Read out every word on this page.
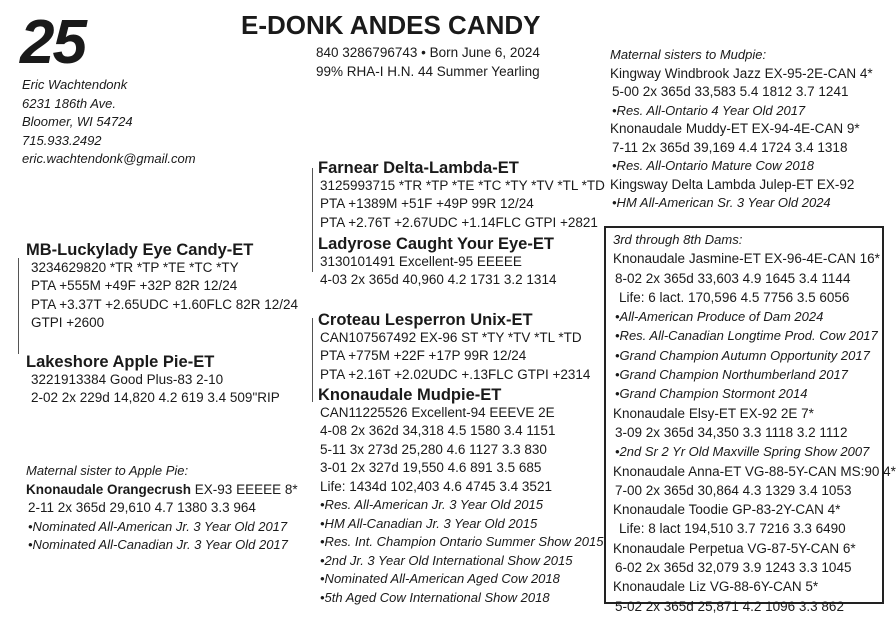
25	E-DONK ANDES CANDY
840 3286796743 • Born June 6, 2024
99% RHA-I H.N. 44 Summer Yearling
Eric Wachtendonk
6231 186th Ave.
Bloomer, WI 54724
715.933.2492
eric.wachtendonk@gmail.com
MB-Luckylady Eye Candy-ET
3234629820 *TR *TP *TE *TC *TY
PTA +555M +49F +32P 82R 12/24
PTA +3.37T +2.65UDC +1.60FLC 82R 12/24
GTPI +2600
Lakeshore Apple Pie-ET
3221913384 Good Plus-83 2-10
2-02 2x 229d 14,820 4.2 619 3.4 509"RIP
Farnear Delta-Lambda-ET
3125993715 *TR *TP *TE *TC *TY *TV *TL *TD
PTA +1389M +51F +49P 99R 12/24
PTA +2.76T +2.67UDC +1.14FLC GTPI +2821
Ladyrose Caught Your Eye-ET
3130101491 Excellent-95 EEEEE
4-03 2x 365d 40,960 4.2 1731 3.2 1314
Croteau Lesperron Unix-ET
CAN107567492 EX-96 ST *TY *TV *TL *TD
PTA +775M +22F +17P 99R 12/24
PTA +2.16T +2.02UDC +.13FLC GTPI +2314
Knonaudale Mudpie-ET
CAN11225526 Excellent-94 EEEVE 2E
4-08 2x 362d 34,318 4.5 1580 3.4 1151
5-11 3x 273d 25,280 4.6 1127 3.3 830
3-01 2x 327d 19,550 4.6 891 3.5 685
Life: 1434d 102,403 4.6 4745 3.4 3521
•Res. All-American Jr. 3 Year Old 2015
•HM All-Canadian Jr. 3 Year Old 2015
•Res. Int. Champion Ontario Summer Show 2015
•2nd Jr. 3 Year Old International Show 2015
•Nominated All-American Aged Cow 2018
•5th Aged Cow International Show 2018
Maternal sister to Apple Pie:
Knonaudale Orangecrush EX-93 EEEEE 8*
2-11 2x 365d 29,610 4.7 1380 3.3 964
•Nominated All-American Jr. 3 Year Old 2017
•Nominated All-Canadian Jr. 3 Year Old 2017
Maternal sisters to Mudpie:
Kingway Windbrook Jazz EX-95-2E-CAN 4*
5-00 2x 365d 33,583 5.4 1812 3.7 1241
•Res. All-Ontario 4 Year Old 2017
Knonaudale Muddy-ET EX-94-4E-CAN 9*
7-11 2x 365d 39,169 4.4 1724 3.4 1318
•Res. All-Ontario Mature Cow 2018
Kingsway Delta Lambda Julep-ET EX-92
•HM All-American Sr. 3 Year Old 2024
3rd through 8th Dams:
Knonaudale Jasmine-ET EX-96-4E-CAN 16*
8-02 2x 365d 33,603 4.9 1645 3.4 1144
Life: 6 lact. 170,596 4.5 7756 3.5 6056
•All-American Produce of Dam 2024
•Res. All-Canadian Longtime Prod. Cow 2017
•Grand Champion Autumn Opportunity 2017
•Grand Champion Northumberland 2017
•Grand Champion Stormont 2014
Knonaudale Elsy-ET EX-92 2E 7*
3-09 2x 365d 34,350 3.3 1118 3.2 1112
•2nd Sr 2 Yr Old Maxville Spring Show 2007
Knonaudale Anna-ET VG-88-5Y-CAN MS:90 4*
7-00 2x 365d 30,864 4.3 1329 3.4 1053
Knonaudale Toodie GP-83-2Y-CAN 4*
Life: 8 lact 194,510 3.7 7216 3.3 6490
Knonaudale Perpetua VG-87-5Y-CAN 6*
6-02 2x 365d 32,079 3.9 1243 3.3 1045
Knonaudale Liz VG-88-6Y-CAN 5*
5-02 2x 365d 25,871 4.2 1096 3.3 862
